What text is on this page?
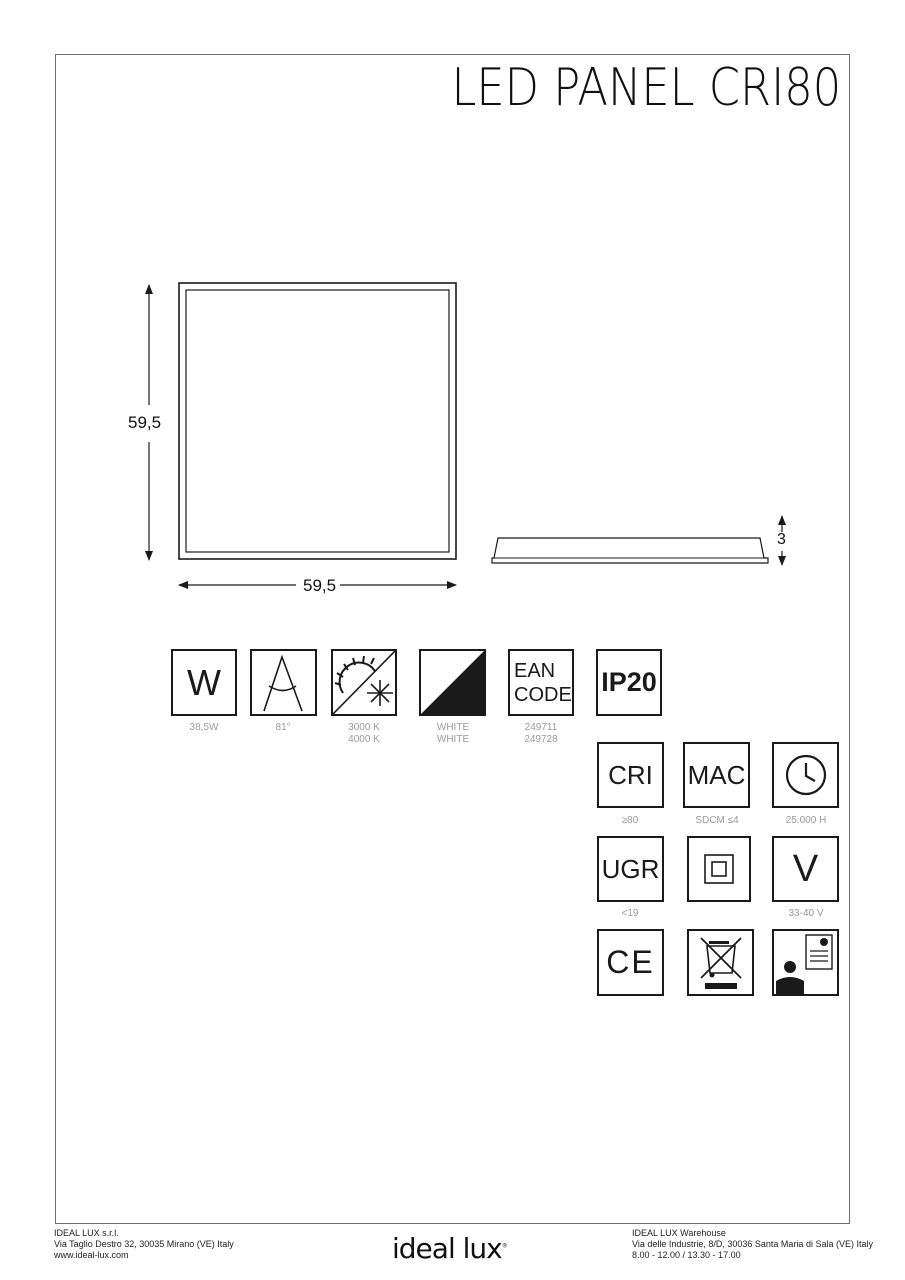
LED PANEL CRI80
59,5
59,5
3
W
38,5W	81°	3000 K
4000 K
WHITE
WHITE
EAN
CODE
249711
249728
IP20
CRI
≥80
MAC
SDCM ≤4	25.000 H
UGR
<19
V
33-40 V
CE
IDEAL LUX s.r.l.
Via Taglio Destro 32, 30035 Mirano (VE) Italy
www.ideal-lux.com	ideal lux®
IDEAL LUX Warehouse
Via delle Industrie, 8/D, 30036 Santa Maria di Sala (VE) Italy
8.00 - 12.00 / 13.30 - 17.00
